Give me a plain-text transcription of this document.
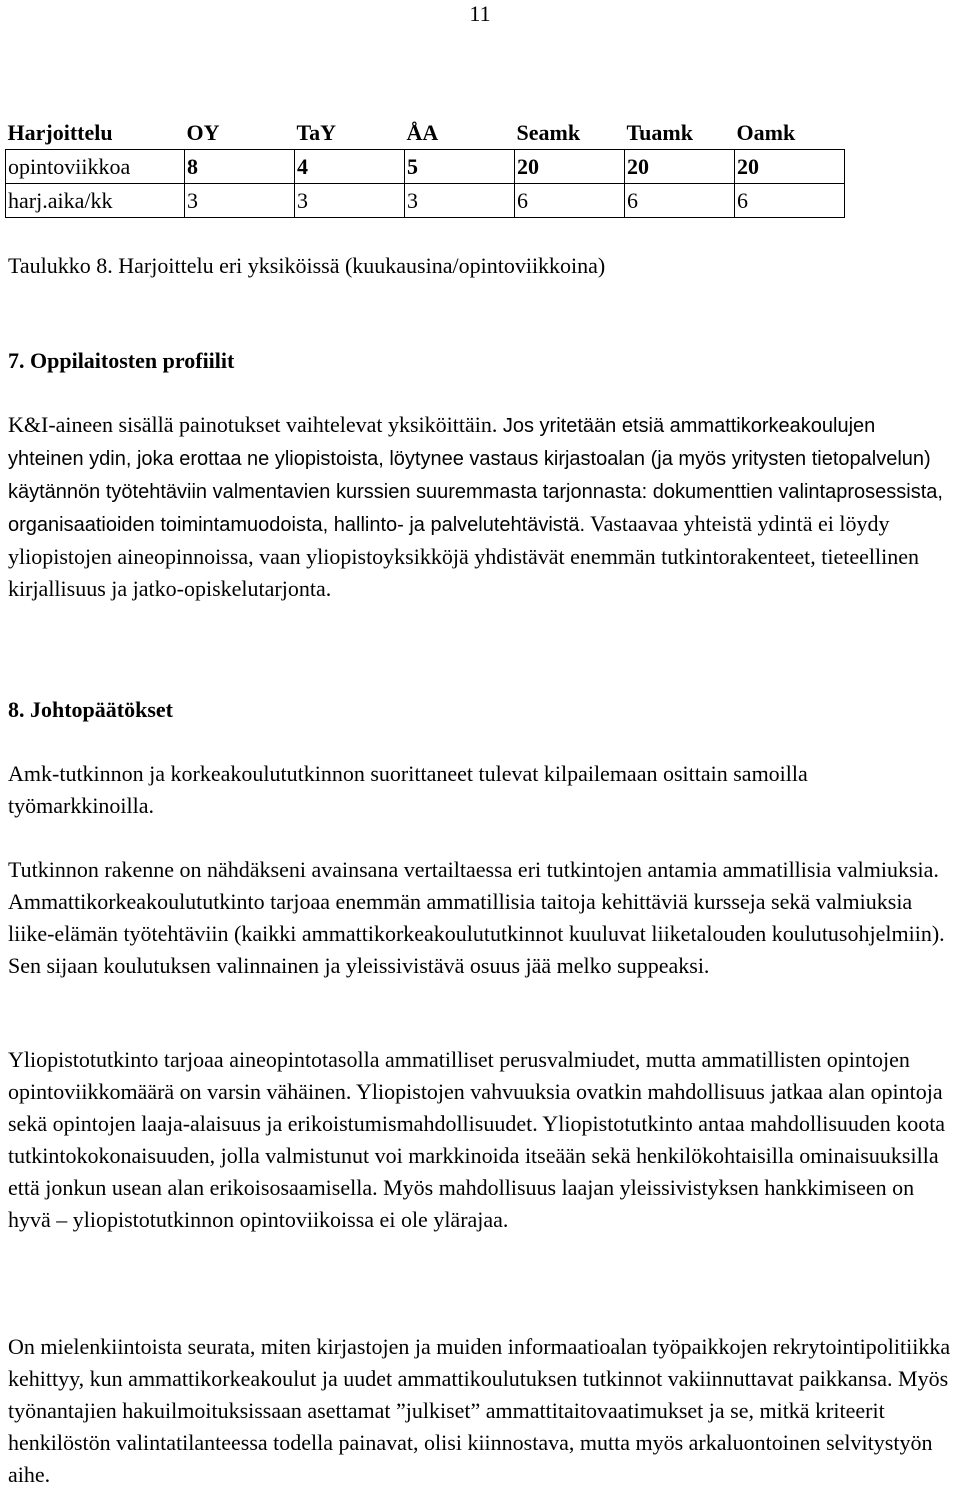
11
Harjoittelu	OY	TaY	ÅA	Seamk	Tuamk	Oamk
opintoviikkoa	8	4	5	20	20	20
harj.aika/kk	3	3	3	6	6	6

Taulukko 8. Harjoittelu eri yksiköissä (kuukausina/opintoviikkoina)

7. Oppilaitosten profiilit

K&I-aineen sisällä painotukset vaihtelevat yksiköittäin. Jos yritetään etsiä ammattikorkeakoulujen yhteinen ydin, joka erottaa ne yliopistoista, löytynee vastaus kirjastoalan (ja myös yritysten tietopalvelun) käytännön työtehtäviin valmentavien kurssien suuremmasta tarjonnasta: dokumenttien valintaprosessista, organisaatioiden toimintamuodoista, hallinto- ja palvelutehtävistä. Vastaavaa yhteistä ydintä ei löydy yliopistojen aineopinnoissa, vaan yliopistoyksikköjä yhdistävät enemmän tutkintorakenteet, tieteellinen kirjallisuus ja jatko-opiskelutarjonta.

8. Johtopäätökset

Amk-tutkinnon ja korkeakoulututkinnon suorittaneet tulevat kilpailemaan osittain samoilla työmarkkinoilla.

Tutkinnon rakenne on nähdäkseni avainsana vertailtaessa eri tutkintojen antamia ammatillisia valmiuksia. Ammattikorkeakoulututkinto tarjoaa enemmän ammatillisia taitoja kehittäviä kursseja sekä valmiuksia liike-elämän työtehtäviin (kaikki ammattikorkeakoulututkinnot kuuluvat liiketalouden koulutusohjelmiin). Sen sijaan koulutuksen valinnainen ja yleissivistävä osuus jää melko suppeaksi.

Yliopistotutkinto tarjoaa aineopintotasolla ammatilliset perusvalmiudet, mutta ammatillisten opintojen opintoviikkomäärä on varsin vähäinen. Yliopistojen vahvuuksia ovatkin mahdollisuus jatkaa alan opintoja sekä opintojen laaja-alaisuus ja erikoistumismahdollisuudet. Yliopistotutkinto antaa mahdollisuuden koota tutkintokokonaisuuden, jolla valmistunut voi markkinoida itseään sekä henkilökohtaisilla ominaisuuksilla että jonkun usean alan erikoisosaamisella. Myös mahdollisuus laajan yleissivistyksen hankkimiseen on hyvä – yliopistotutkinnon opintoviikoissa ei ole ylärajaa.

On mielenkiintoista seurata, miten kirjastojen ja muiden informaatioalan työpaikkojen rekrytointipolitiikka kehittyy, kun ammattikorkeakoulut ja uudet ammattikoulutuksen tutkinnot vakiinnuttavat paikkansa. Myös työnantajien hakuilmoituksissaan asettamat ”julkiset” ammattitaitovaatimukset ja se, mitkä kriteerit henkilöstön valintatilanteessa todella painavat, olisi kiinnostava, mutta myös arkaluontoinen selvitystyön aihe.
